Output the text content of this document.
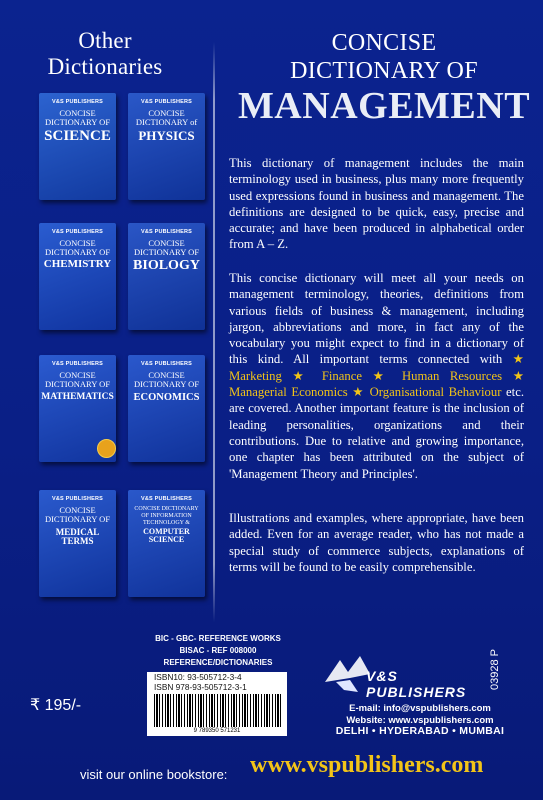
Other
Dictionaries
V&S PUBLISHERS
CONCISE DICTIONARY OF
SCIENCE
V&S PUBLISHERS
CONCISE DICTIONARY of
PHYSICS
V&S PUBLISHERS
CONCISE DICTIONARY OF
CHEMISTRY
V&S PUBLISHERS
CONCISE DICTIONARY OF
BIOLOGY
V&S PUBLISHERS
CONCISE DICTIONARY OF
MATHEMATICS
V&S PUBLISHERS
CONCISE DICTIONARY OF
ECONOMICS
V&S PUBLISHERS
CONCISE DICTIONARY OF
MEDICAL TERMS
V&S PUBLISHERS
CONCISE DICTIONARY OF INFORMATION TECHNOLOGY &
COMPUTER SCIENCE
CONCISE
DICTIONARY OF
MANAGEMENT
This dictionary of management includes the main terminology used in business, plus many more frequently used expressions found in business and management. The definitions are designed to be quick, easy, precise and accurate; and have been produced in alphabetical order from A – Z.
This concise dictionary will meet all your needs on management terminology, theories, definitions from various fields of business & management, including jargon, abbreviations and more, in fact any of the vocabulary you might expect to find in a dictionary of this kind. All important terms connected with ★ Marketing ★ Finance ★ Human Resources ★ Managerial Economics ★ Organisational Behaviour etc. are covered. Another important feature is the inclusion of leading personalities, organizations and their contributions. Due to relative and growing importance, one chapter has been attributed on the subject of 'Management Theory and Principles'.
Illustrations and examples, where appropriate, have been added. Even for an average reader, who has not made a special study of commerce subjects, explanations of terms will be found to be easily comprehensible.
BIC - GBC- REFERENCE WORKS
BISAC - REF 008000
REFERENCE/DICTIONARIES
ISBN10: 93-505712-3-4
ISBN 978-93-505712-3-1
9 789350 571231
₹ 195/-
03928 P
V&S PUBLISHERS
E-mail: info@vspublishers.com
Website: www.vspublishers.com
DELHI • HYDERABAD • MUMBAI
visit our online bookstore: www.vspublishers.com
